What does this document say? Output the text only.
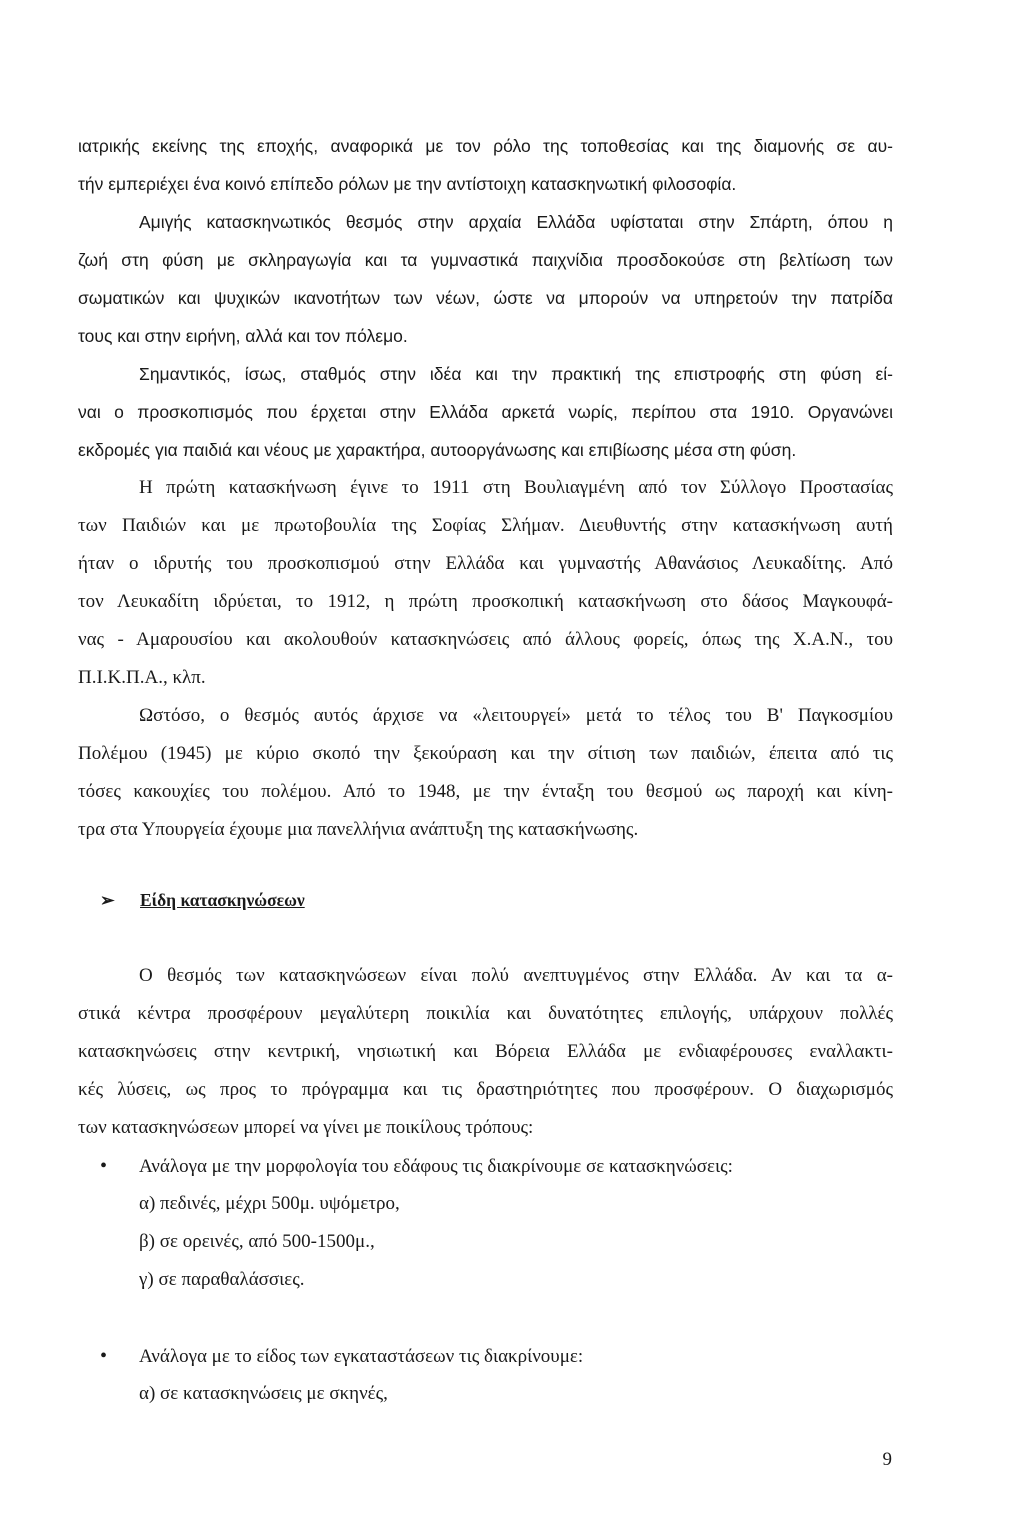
ιατρικής εκείνης της εποχής, αναφορικά με τον ρόλο της τοποθεσίας και της διαμονής σε αυ-
τήν εμπεριέχει ένα κοινό επίπεδο ρόλων με την αντίστοιχη κατασκηνωτική φιλοσοφία.
Αμιγής κατασκηνωτικός θεσμός στην αρχαία Ελλάδα υφίσταται στην Σπάρτη, όπου η
ζωή στη φύση με σκληραγωγία και τα γυμναστικά παιχνίδια προσδοκούσε στη βελτίωση των
σωματικών και ψυχικών ικανοτήτων των νέων, ώστε να μπορούν να υπηρετούν την πατρίδα
τους και στην ειρήνη, αλλά και τον πόλεμο.
Σημαντικός, ίσως, σταθμός στην ιδέα και την πρακτική της επιστροφής στη φύση εί-
ναι ο προσκοπισμός που έρχεται στην Ελλάδα αρκετά νωρίς, περίπου στα 1910. Οργανώνει
εκδρομές για παιδιά και νέους με χαρακτήρα, αυτοοργάνωσης και επιβίωσης μέσα στη φύση.
Η πρώτη κατασκήνωση έγινε το 1911 στη Βουλιαγμένη από τον Σύλλογο Προστασίας
των Παιδιών και με πρωτοβουλία της Σοφίας Σλήμαν. Διευθυντής στην κατασκήνωση αυτή
ήταν ο ιδρυτής του προσκοπισμού στην Ελλάδα και γυμναστής Αθανάσιος Λευκαδίτης. Από
τον Λευκαδίτη ιδρύεται, το 1912, η πρώτη προσκοπική κατασκήνωση στο δάσος Μαγκουφά-
νας - Αμαρουσίου και ακολουθούν κατασκηνώσεις από άλλους φορείς, όπως της Χ.Α.Ν., του
Π.Ι.Κ.Π.Α., κλπ.
Ωστόσο, ο θεσμός αυτός άρχισε να «λειτουργεί» μετά το τέλος του Β' Παγκοσμίου
Πολέμου (1945) με κύριο σκοπό την ξεκούραση και την σίτιση των παιδιών, έπειτα από τις
τόσες κακουχίες του πολέμου. Από το 1948, με την ένταξη του θεσμού ως παροχή και κίνη-
τρα στα Υπουργεία έχουμε μια πανελλήνια ανάπτυξη της κατασκήνωσης.
➢ Είδη κατασκηνώσεων
Ο θεσμός των κατασκηνώσεων είναι πολύ ανεπτυγμένος στην Ελλάδα. Αν και τα α-
στικά κέντρα προσφέρουν μεγαλύτερη ποικιλία και δυνατότητες επιλογής, υπάρχουν πολλές
κατασκηνώσεις στην κεντρική, νησιωτική και Βόρεια Ελλάδα με ενδιαφέρουσες εναλλακτι-
κές λύσεις, ως προς το πρόγραμμα και τις δραστηριότητες που προσφέρουν. Ο διαχωρισμός
των κατασκηνώσεων μπορεί να γίνει με ποικίλους τρόπους:
• Ανάλογα με την μορφολογία του εδάφους τις διακρίνουμε σε κατασκηνώσεις:
α) πεδινές, μέχρι 500μ. υψόμετρο,
β) σε ορεινές, από 500-1500μ.,
γ) σε παραθαλάσσιες.
• Ανάλογα με το είδος των εγκαταστάσεων τις διακρίνουμε:
α) σε κατασκηνώσεις με σκηνές,
9
